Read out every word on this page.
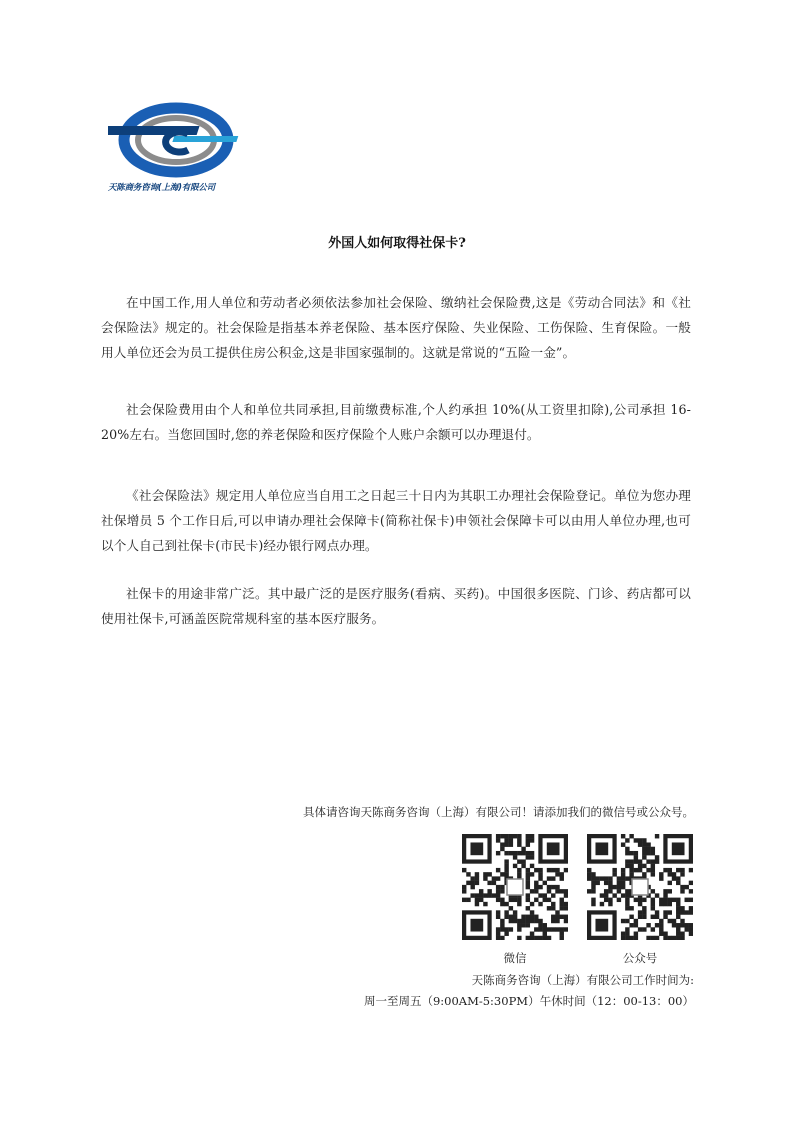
天陈商务咨询(上海)有限公司
外国人如何取得社保卡?

在中国工作,用人单位和劳动者必须依法参加社会保险、缴纳社会保险费,这是《劳动合同法》和《社会保险法》规定的。社会保险是指基本养老保险、基本医疗保险、失业保险、工伤保险、生育保险。一般用人单位还会为员工提供住房公积金,这是非国家强制的。这就是常说的“五险一金”。

社会保险费用由个人和单位共同承担,目前缴费标准,个人约承担 10%(从工资里扣除),公司承担 16-20%左右。当您回国时,您的养老保险和医疗保险个人账户余额可以办理退付。

《社会保险法》规定用人单位应当自用工之日起三十日内为其职工办理社会保险登记。单位为您办理社保增员 5 个工作日后,可以申请办理社会保障卡(简称社保卡)申领社会保障卡可以由用人单位办理,也可以个人自己到社保卡(市民卡)经办银行网点办理。

社保卡的用途非常广泛。其中最广泛的是医疗服务(看病、买药)。中国很多医院、门诊、药店都可以使用社保卡,可涵盖医院常规科室的基本医疗服务。

具体请咨询天陈商务咨询（上海）有限公司！请添加我们的微信号或公众号。
微信	公众号
天陈商务咨询（上海）有限公司工作时间为:
周一至周五（9:00AM-5:30PM）午休时间（12：00-13：00）
